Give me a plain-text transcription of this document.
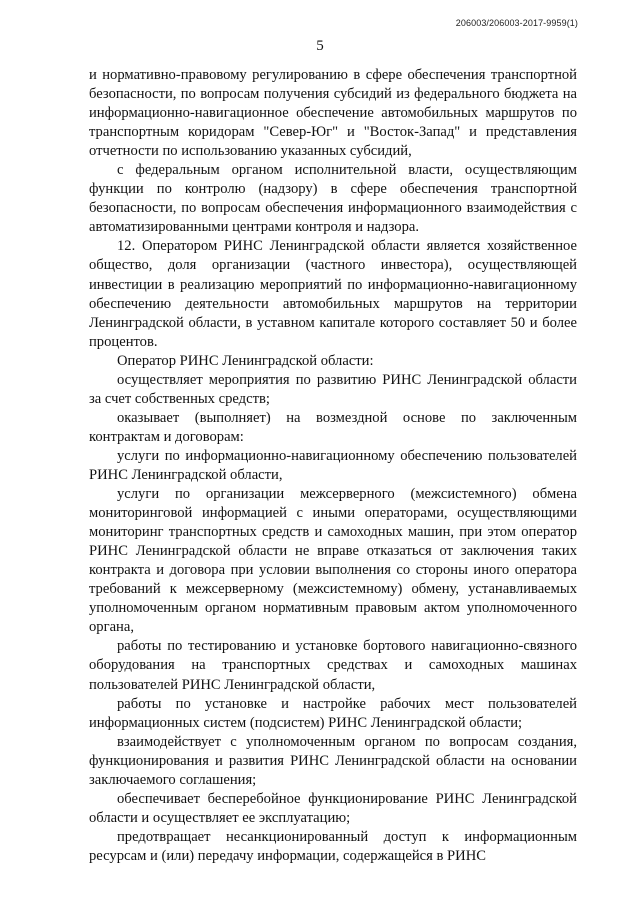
206003/206003-2017-9959(1)
5

и нормативно-правовому регулированию в сфере обеспечения транспортной безопасности, по вопросам получения субсидий из федерального бюджета на информационно-навигационное обеспечение автомобильных маршрутов по транспортным коридорам "Север-Юг" и "Восток-Запад" и представления отчетности по использованию указанных субсидий,

с федеральным органом исполнительной власти, осуществляющим функции по контролю (надзору) в сфере обеспечения транспортной безопасности, по вопросам обеспечения информационного взаимодействия с автоматизированными центрами контроля и надзора.

12. Оператором РИНС Ленинградской области является хозяйственное общество, доля организации (частного инвестора), осуществляющей инвестиции в реализацию мероприятий по информационно-навигационному обеспечению деятельности автомобильных маршрутов на территории Ленинградской области, в уставном капитале которого составляет 50 и более процентов.

Оператор РИНС Ленинградской области:

осуществляет мероприятия по развитию РИНС Ленинградской области за счет собственных средств;

оказывает (выполняет) на возмездной основе по заключенным контрактам и договорам:

услуги по информационно-навигационному обеспечению пользователей РИНС Ленинградской области,

услуги по организации межсерверного (межсистемного) обмена мониторинговой информацией с иными операторами, осуществляющими мониторинг транспортных средств и самоходных машин, при этом оператор РИНС Ленинградской области не вправе отказаться от заключения таких контракта и договора при условии выполнения со стороны иного оператора требований к межсерверному (межсистемному) обмену, устанавливаемых уполномоченным органом нормативным правовым актом уполномоченного органа,

работы по тестированию и установке бортового навигационно-связного оборудования на транспортных средствах и самоходных машинах пользователей РИНС Ленинградской области,

работы по установке и настройке рабочих мест пользователей информационных систем (подсистем) РИНС Ленинградской области;

взаимодействует с уполномоченным органом по вопросам создания, функционирования и развития РИНС Ленинградской области на основании заключаемого соглашения;

обеспечивает бесперебойное функционирование РИНС Ленинградской области и осуществляет ее эксплуатацию;

предотвращает несанкционированный доступ к информационным ресурсам и (или) передачу информации, содержащейся в РИНС
